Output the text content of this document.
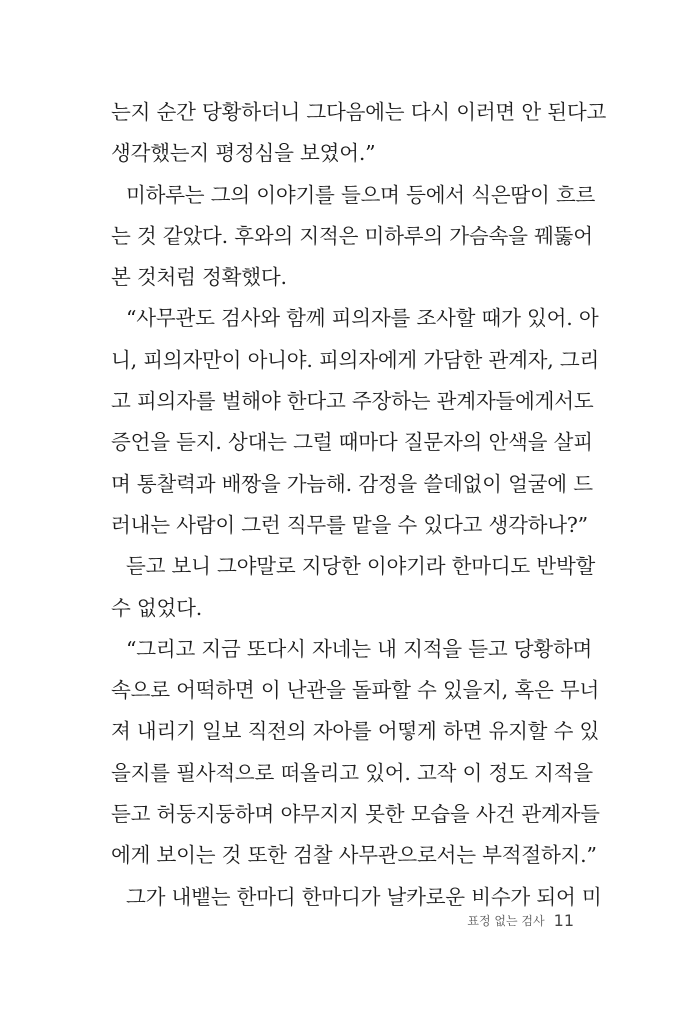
는지 순간 당황하더니 그다음에는 다시 이러면 안 된다고
생각했는지 평정심을 보였어.”
미하루는 그의 이야기를 들으며 등에서 식은땀이 흐르
는 것 같았다. 후와의 지적은 미하루의 가슴속을 꿰뚫어
본 것처럼 정확했다.
“사무관도 검사와 함께 피의자를 조사할 때가 있어. 아
니, 피의자만이 아니야. 피의자에게 가담한 관계자, 그리
고 피의자를 벌해야 한다고 주장하는 관계자들에게서도
증언을 듣지. 상대는 그럴 때마다 질문자의 안색을 살피
며 통찰력과 배짱을 가늠해. 감정을 쓸데없이 얼굴에 드
러내는 사람이 그런 직무를 맡을 수 있다고 생각하나?”
듣고 보니 그야말로 지당한 이야기라 한마디도 반박할
수 없었다.
“그리고 지금 또다시 자네는 내 지적을 듣고 당황하며
속으로 어떡하면 이 난관을 돌파할 수 있을지, 혹은 무너
져 내리기 일보 직전의 자아를 어떻게 하면 유지할 수 있
을지를 필사적으로 떠올리고 있어. 고작 이 정도 지적을
듣고 허둥지둥하며 야무지지 못한 모습을 사건 관계자들
에게 보이는 것 또한 검찰 사무관으로서는 부적절하지.”
그가 내뱉는 한마디 한마디가 날카로운 비수가 되어 미
표정 없는 검사 11
